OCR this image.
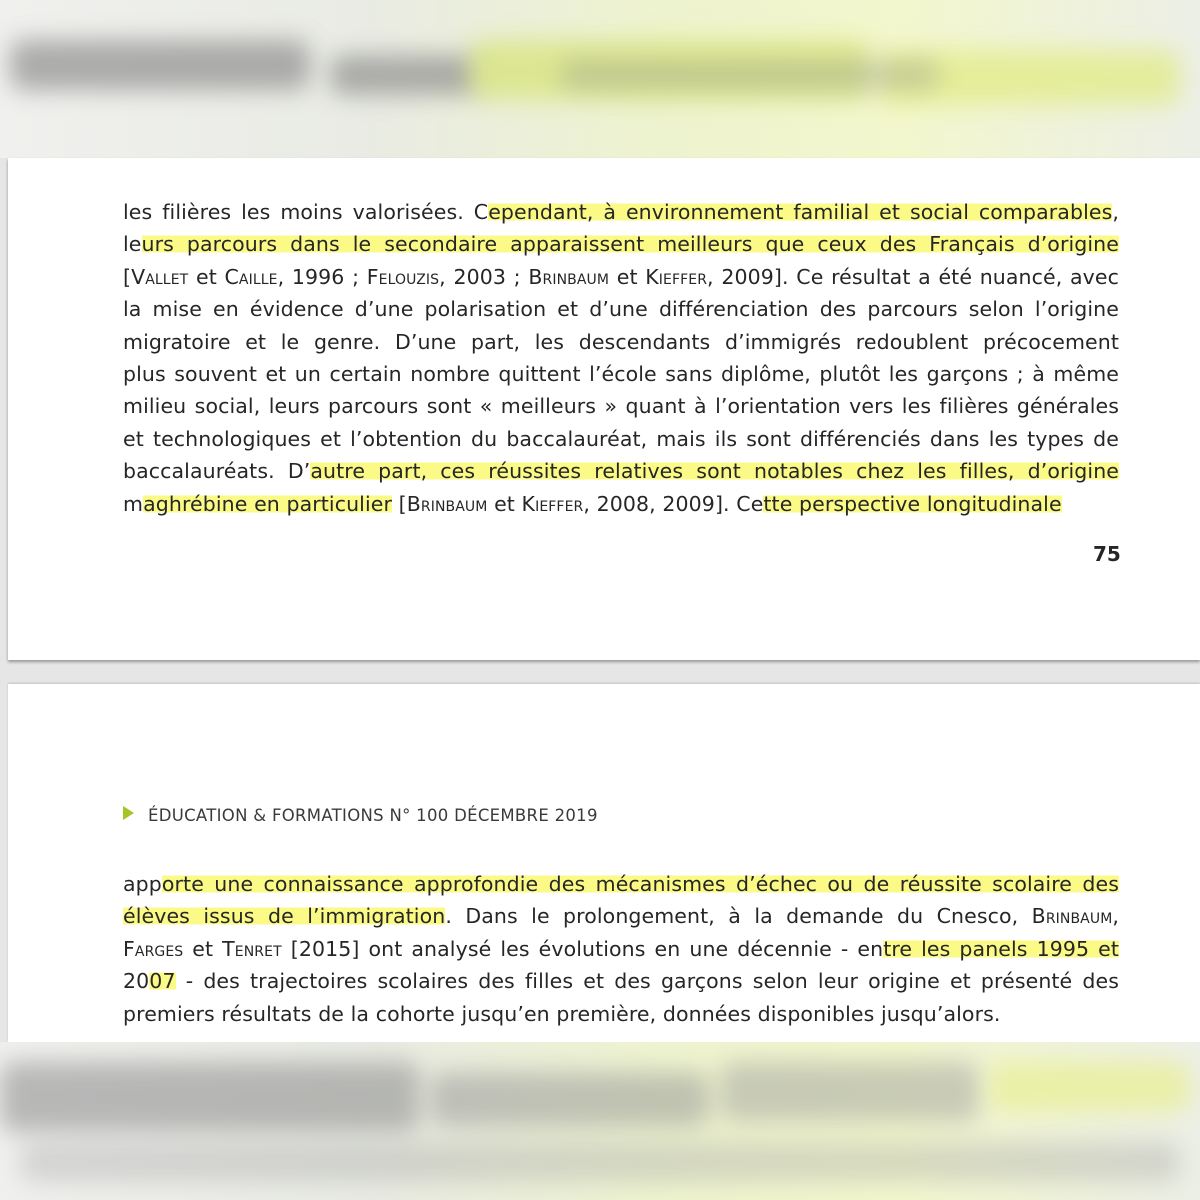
les filières les moins valorisées. Cependant, à environnement familial et social comparables,
leurs parcours dans le secondaire apparaissent meilleurs que ceux des Français d’origine
[Vallet et Caille, 1996 ; Felouzis, 2003 ; Brinbaum et Kieffer, 2009]. Ce résultat a été nuancé, avec
la mise en évidence d’une polarisation et d’une différenciation des parcours selon l’origine
migratoire et le genre. D’une part, les descendants d’immigrés redoublent précocement
plus souvent et un certain nombre quittent l’école sans diplôme, plutôt les garçons ; à même
milieu social, leurs parcours sont « meilleurs » quant à l’orientation vers les filières générales
et technologiques et l’obtention du baccalauréat, mais ils sont différenciés dans les types de
baccalauréats. D’autre part, ces réussites relatives sont notables chez les filles, d’origine
maghrébine en particulier [Brinbaum et Kieffer, 2008, 2009]. Cette perspective longitudinale
75
ÉDUCATION & FORMATIONS N° 100 DÉCEMBRE 2019
apporte une connaissance approfondie des mécanismes d’échec ou de réussite scolaire des
élèves issus de l’immigration. Dans le prolongement, à la demande du Cnesco, Brinbaum,
Farges et Tenret [2015] ont analysé les évolutions en une décennie - entre les panels 1995 et
2007 - des trajectoires scolaires des filles et des garçons selon leur origine et présenté des
premiers résultats de la cohorte jusqu’en première, données disponibles jusqu’alors.
